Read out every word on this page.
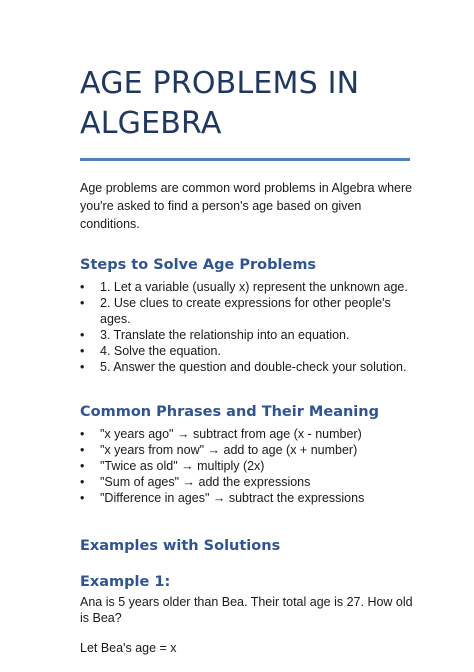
AGE PROBLEMS IN ALGEBRA
Age problems are common word problems in Algebra where you're asked to find a person's age based on given conditions.
Steps to Solve Age Problems
• 1. Let a variable (usually x) represent the unknown age.
• 2. Use clues to create expressions for other people's ages.
• 3. Translate the relationship into an equation.
• 4. Solve the equation.
• 5. Answer the question and double-check your solution.
Common Phrases and Their Meaning
• "x years ago" → subtract from age (x - number)
• "x years from now" → add to age (x + number)
• "Twice as old" → multiply (2x)
• "Sum of ages" → add the expressions
• "Difference in ages" → subtract the expressions
Examples with Solutions
Example 1:
Ana is 5 years older than Bea. Their total age is 27. How old is Bea?
Let Bea's age = x
